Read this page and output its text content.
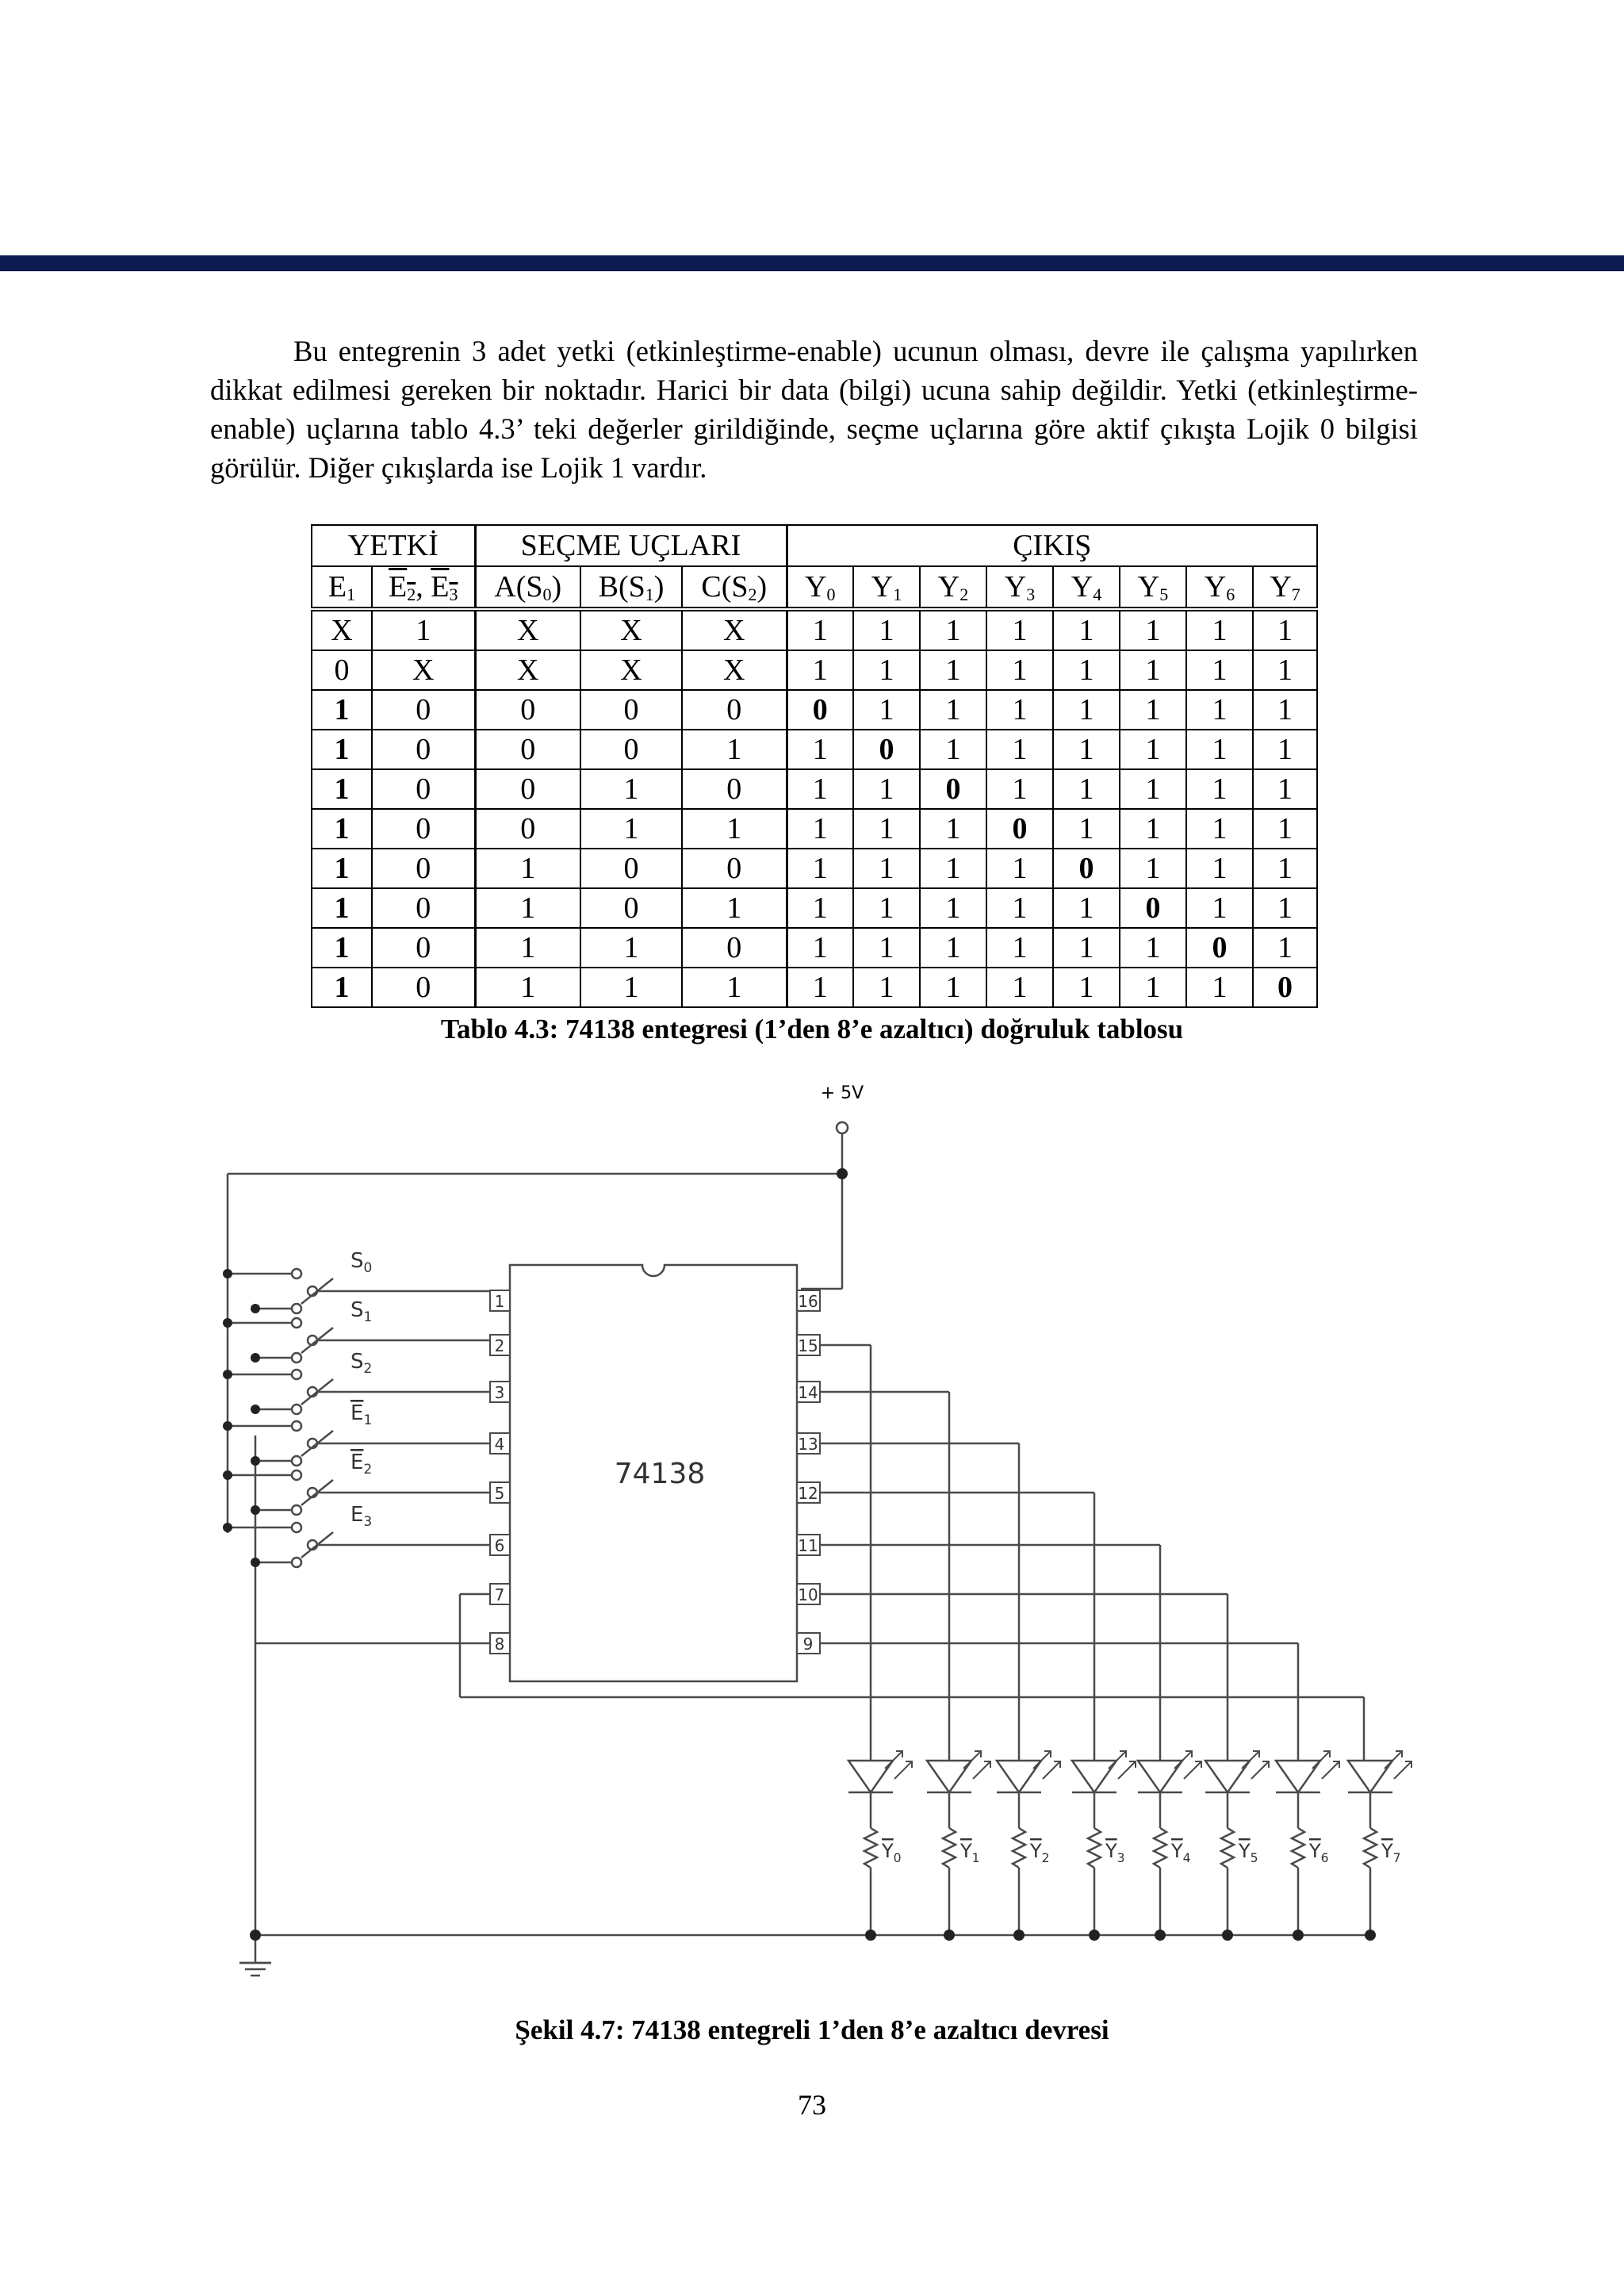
Bu entegrenin 3 adet yetki (etkinleştirme-enable) ucunun olması, devre ile çalışma yapılırken dikkat edilmesi gereken bir noktadır. Harici bir data (bilgi) ucuna sahip değildir. Yetki (etkinleştirme-enable) uçlarına tablo 4.3’ teki değerler girildiğinde, seçme uçlarına göre aktif çıkışta Lojik 0 bilgisi görülür. Diğer çıkışlarda ise Lojik 1 vardır.

YETKİ		SEÇME UÇLARI			ÇIKIŞ							
$E_1$	$E_2$, $E_3$	$A(S_0)$	$B(S_1)$	$C(S_2)$	$Y_0$	$Y_1$	$Y_2$	$Y_3$	$Y_4$	$Y_5$	$Y_6$	$Y_7$
X	1	X	X	X	1	1	1	1	1	1	1	1
0	X	X	X	X	1	1	1	1	1	1	1	1
1	0	0	0	0	0	1	1	1	1	1	1	1
1	0	0	0	1	1	0	1	1	1	1	1	1
1	0	0	1	0	1	1	0	1	1	1	1	1
1	0	0	1	1	1	1	1	0	1	1	1	1
1	0	1	0	0	1	1	1	1	0	1	1	1
1	0	1	0	1	1	1	1	1	1	0	1	1
1	0	1	1	0	1	1	1	1	1	1	0	1
1	0	1	1	1	1	1	1	1	1	1	1	0

Tablo 4.3: 74138 entegresi (1’den 8’e azaltıcı) doğruluk tablosu

1
2
3
4
5
6
7
8
16
15
14
13
12
11
10
9
$S_0$
$S_1$
$S_2$
$E_1$
$E_2$
$E_3$
$Y_0$	$Y_1$	$Y_2$	$Y_3$ $Y_4$	$Y_5$	$Y_6$	$Y_7$
+ 5V
74138

Şekil 4.7: 74138 entegreli 1’den 8’e azaltıcı devresi

73
